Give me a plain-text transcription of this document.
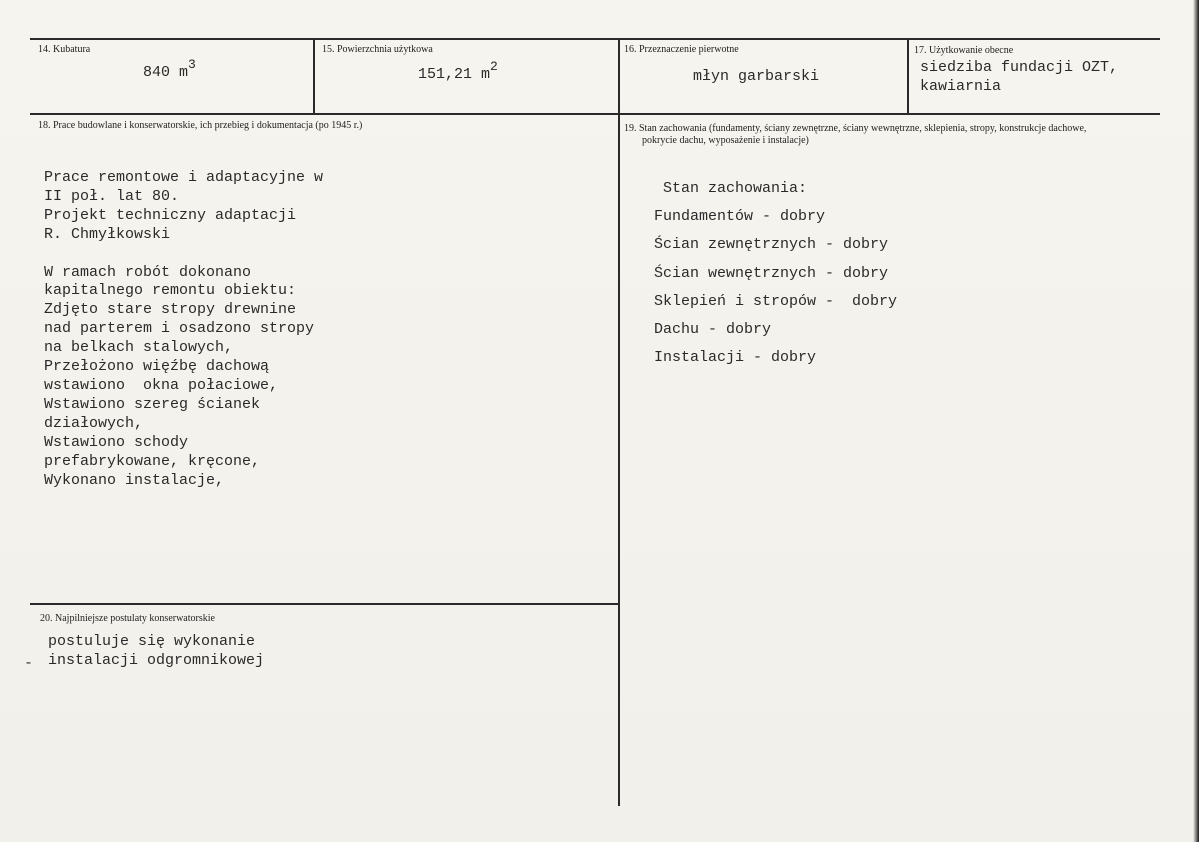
14. Kubatura
840 m3
15. Powierzchnia użytkowa
151,21 m2
16. Przeznaczenie pierwotne
młyn garbarski
17. Użytkowanie obecne
siedziba fundacji OZT,
kawiarnia
18. Prace budowlane i konserwatorskie, ich przebieg i dokumentacja (po 1945 r.)
Prace remontowe i adaptacyjne w
II poł. lat 80.
Projekt techniczny adaptacji
R. Chmyłkowski

W ramach robót dokonano
kapitalnego remontu obiektu:
Zdjęto stare stropy drewnine
nad parterem i osadzono stropy
na belkach stalowych,
Przełożono więźbę dachową
wstawiono  okna połaciowe,
Wstawiono szereg ścianek
działowych,
Wstawiono schody
prefabrykowane, kręcone,
Wykonano instalacje,
19. Stan zachowania (fundamenty, ściany zewnętrzne, ściany wewnętrzne, sklepienia, stropy, konstrukcje dachowe,
pokrycie dachu, wyposażenie i instalacje)
Stan zachowania:
Fundamentów - dobry
Ścian zewnętrznych - dobry
Ścian wewnętrznych - dobry
Sklepień i stropów -  dobry
Dachu - dobry
Instalacji - dobry
20. Najpilniejsze postulaty konserwatorskie
postuluje się wykonanie
instalacji odgromnikowej
-
